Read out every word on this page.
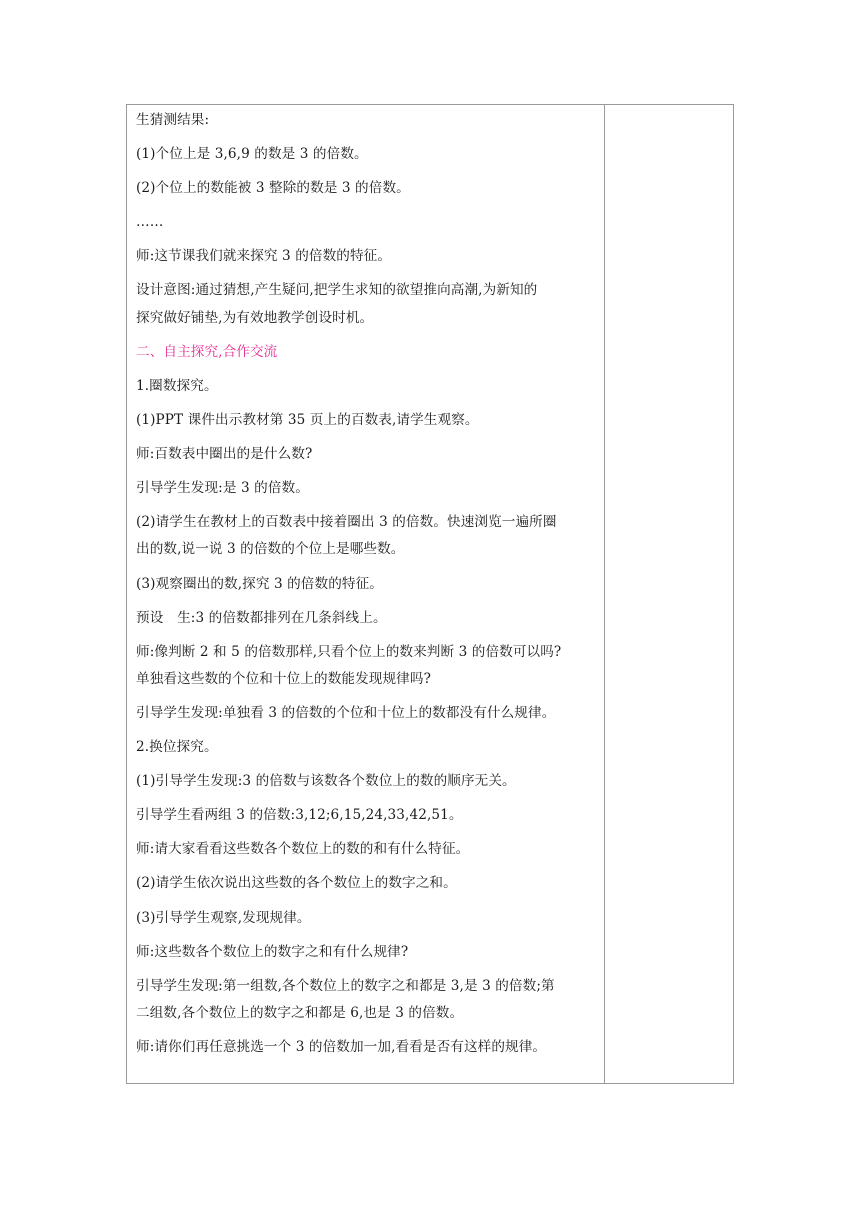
生猜测结果:
(1)个位上是 3,6,9 的数是 3 的倍数。
(2)个位上的数能被 3 整除的数是 3 的倍数。
……
师:这节课我们就来探究 3 的倍数的特征。
设计意图:通过猜想,产生疑问,把学生求知的欲望推向高潮,为新知的
探究做好铺垫,为有效地教学创设时机。
二、自主探究,合作交流
1.圈数探究。
(1)PPT 课件出示教材第 35 页上的百数表,请学生观察。
师:百数表中圈出的是什么数?
引导学生发现:是 3 的倍数。
(2)请学生在教材上的百数表中接着圈出 3 的倍数。快速浏览一遍所圈
出的数,说一说 3 的倍数的个位上是哪些数。
(3)观察圈出的数,探究 3 的倍数的特征。
预设　生:3 的倍数都排列在几条斜线上。
师:像判断 2 和 5 的倍数那样,只看个位上的数来判断 3 的倍数可以吗?
单独看这些数的个位和十位上的数能发现规律吗?
引导学生发现:单独看 3 的倍数的个位和十位上的数都没有什么规律。
2.换位探究。
(1)引导学生发现:3 的倍数与该数各个数位上的数的顺序无关。
引导学生看两组 3 的倍数:3,12;6,15,24,33,42,51。
师:请大家看看这些数各个数位上的数的和有什么特征。
(2)请学生依次说出这些数的各个数位上的数字之和。
(3)引导学生观察,发现规律。
师:这些数各个数位上的数字之和有什么规律?
引导学生发现:第一组数,各个数位上的数字之和都是 3,是 3 的倍数;第
二组数,各个数位上的数字之和都是 6,也是 3 的倍数。
师:请你们再任意挑选一个 3 的倍数加一加,看看是否有这样的规律。
